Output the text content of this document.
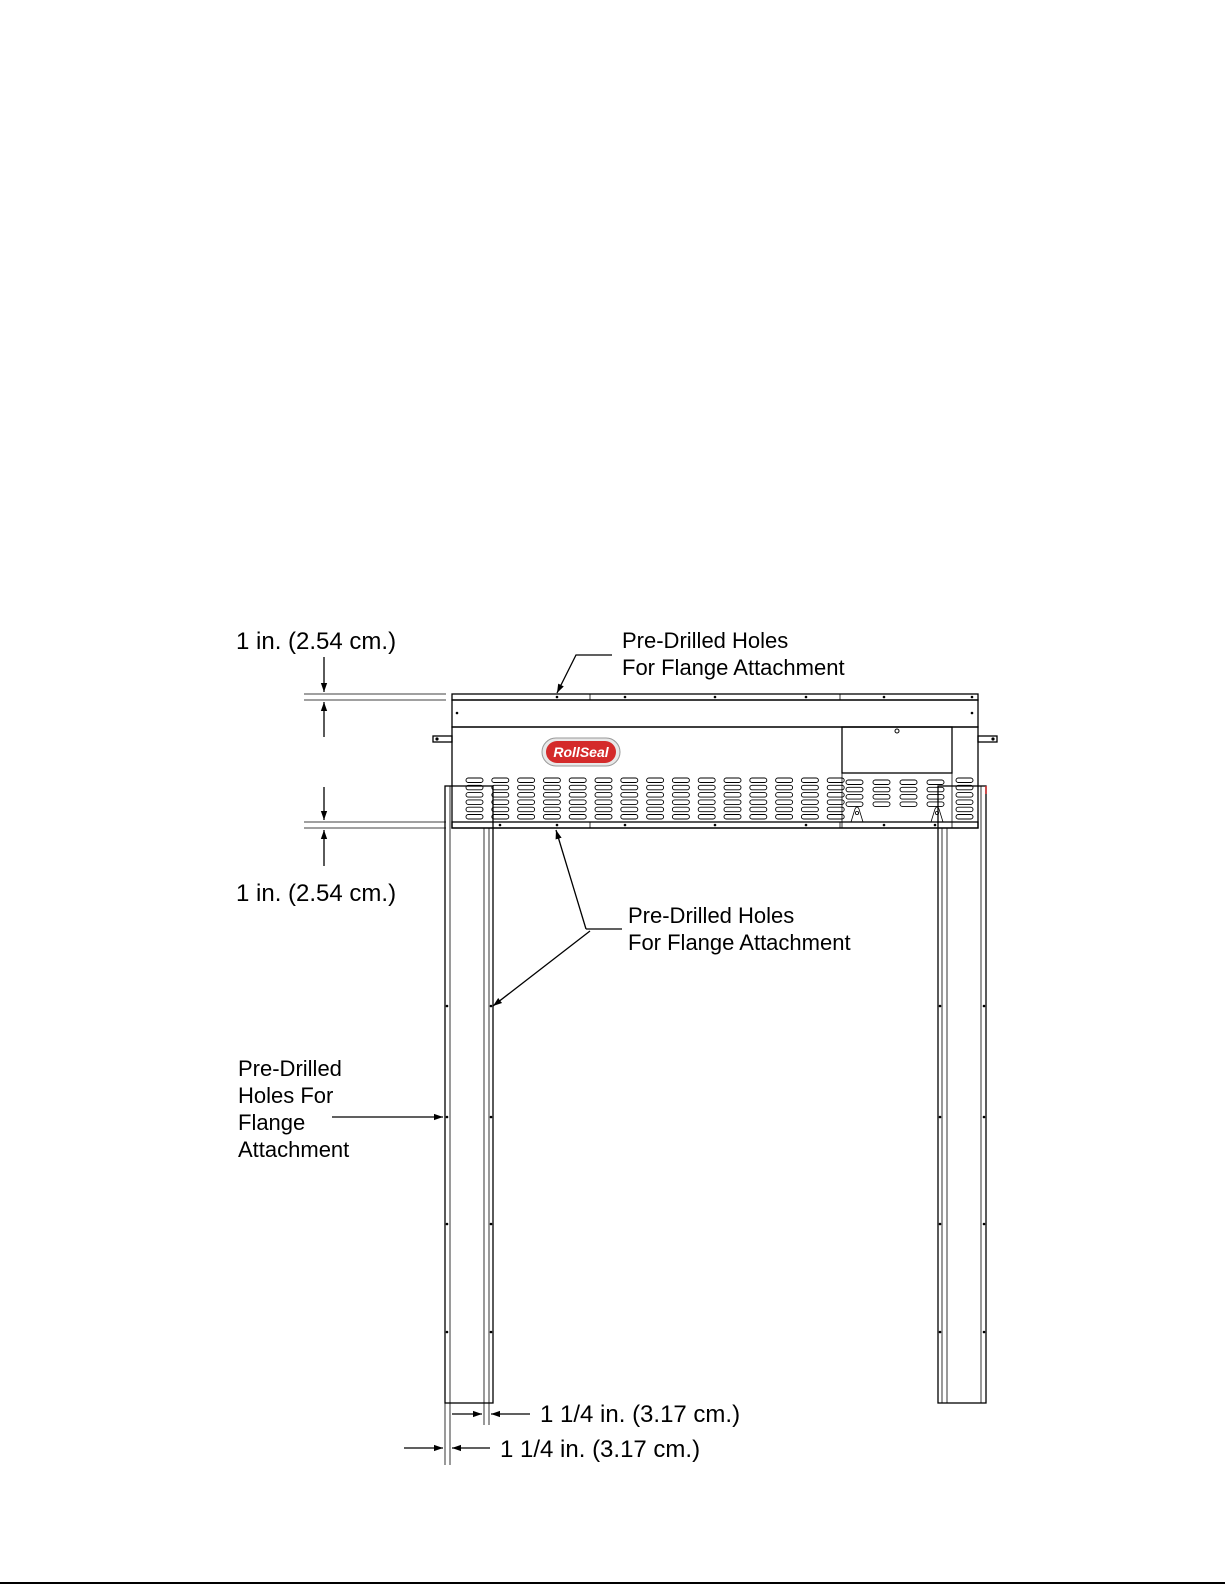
RollSeal
1 in. (2.54 cm.)
1 in. (2.54 cm.)
Pre-Drilled Holes
For Flange Attachment
Pre-Drilled Holes
For Flange Attachment
Pre-Drilled
Holes For
Flange
Attachment
1 1/4 in. (3.17 cm.)
1 1/4 in. (3.17 cm.)
